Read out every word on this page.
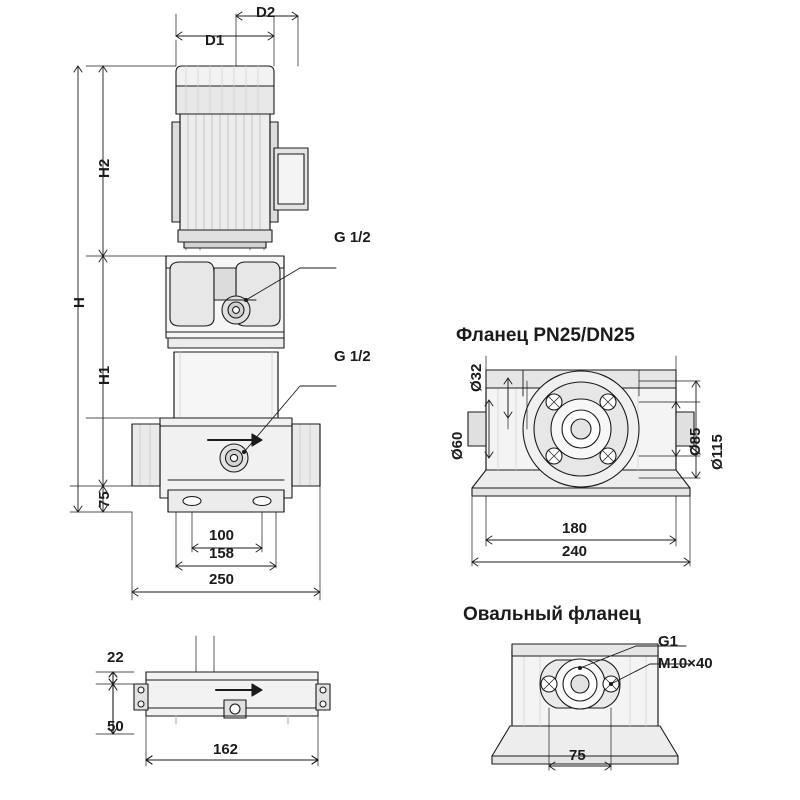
H2
H
H1
75
D1
D2
100
158
250
G 1/2
G 1/2
Фланец PN25/DN25
Ø32
Ø60	Ø85 Ø115
180
240
Овальный фланец
G1
M10×40
75
22
50
162
